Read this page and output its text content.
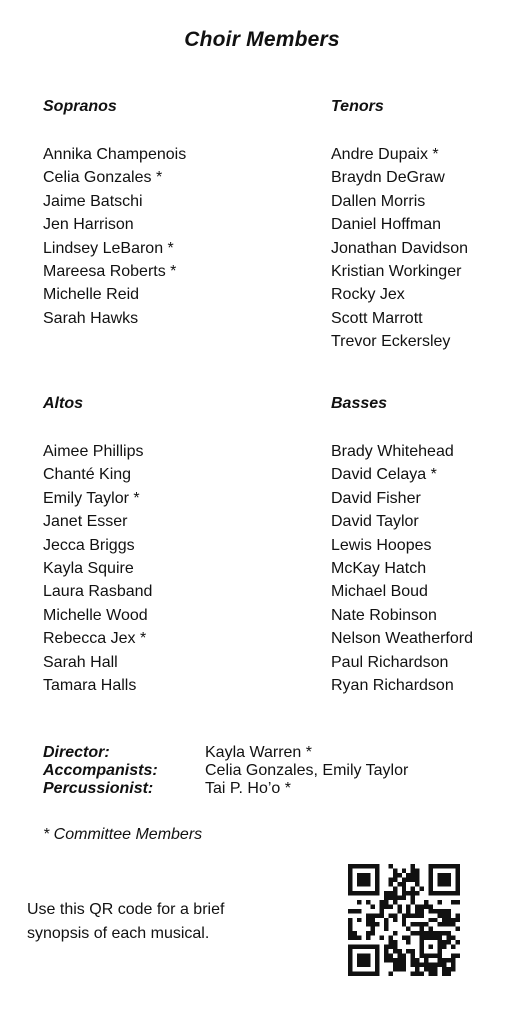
Choir Members
Sopranos
Annika Champenois
Celia Gonzales *
Jaime Batschi
Jen Harrison
Lindsey LeBaron *
Mareesa Roberts *
Michelle Reid
Sarah Hawks
Tenors
Andre Dupaix *
Braydn DeGraw
Dallen Morris
Daniel Hoffman
Jonathan Davidson
Kristian Workinger
Rocky Jex
Scott Marrott
Trevor Eckersley
Altos
Aimee Phillips
Chanté King
Emily Taylor *
Janet Esser
Jecca Briggs
Kayla Squire
Laura Rasband
Michelle Wood
Rebecca Jex *
Sarah Hall
Tamara Halls
Basses
Brady Whitehead
David Celaya *
David Fisher
David Taylor
Lewis Hoopes
McKay Hatch
Michael Boud
Nate Robinson
Nelson Weatherford
Paul Richardson
Ryan Richardson
Director:	Kayla Warren *
Accompanists:	Celia Gonzales, Emily Taylor
Percussionist:	Tai P. Ho’o *
* Committee Members
Use this QR code for a brief synopsis of each musical.
